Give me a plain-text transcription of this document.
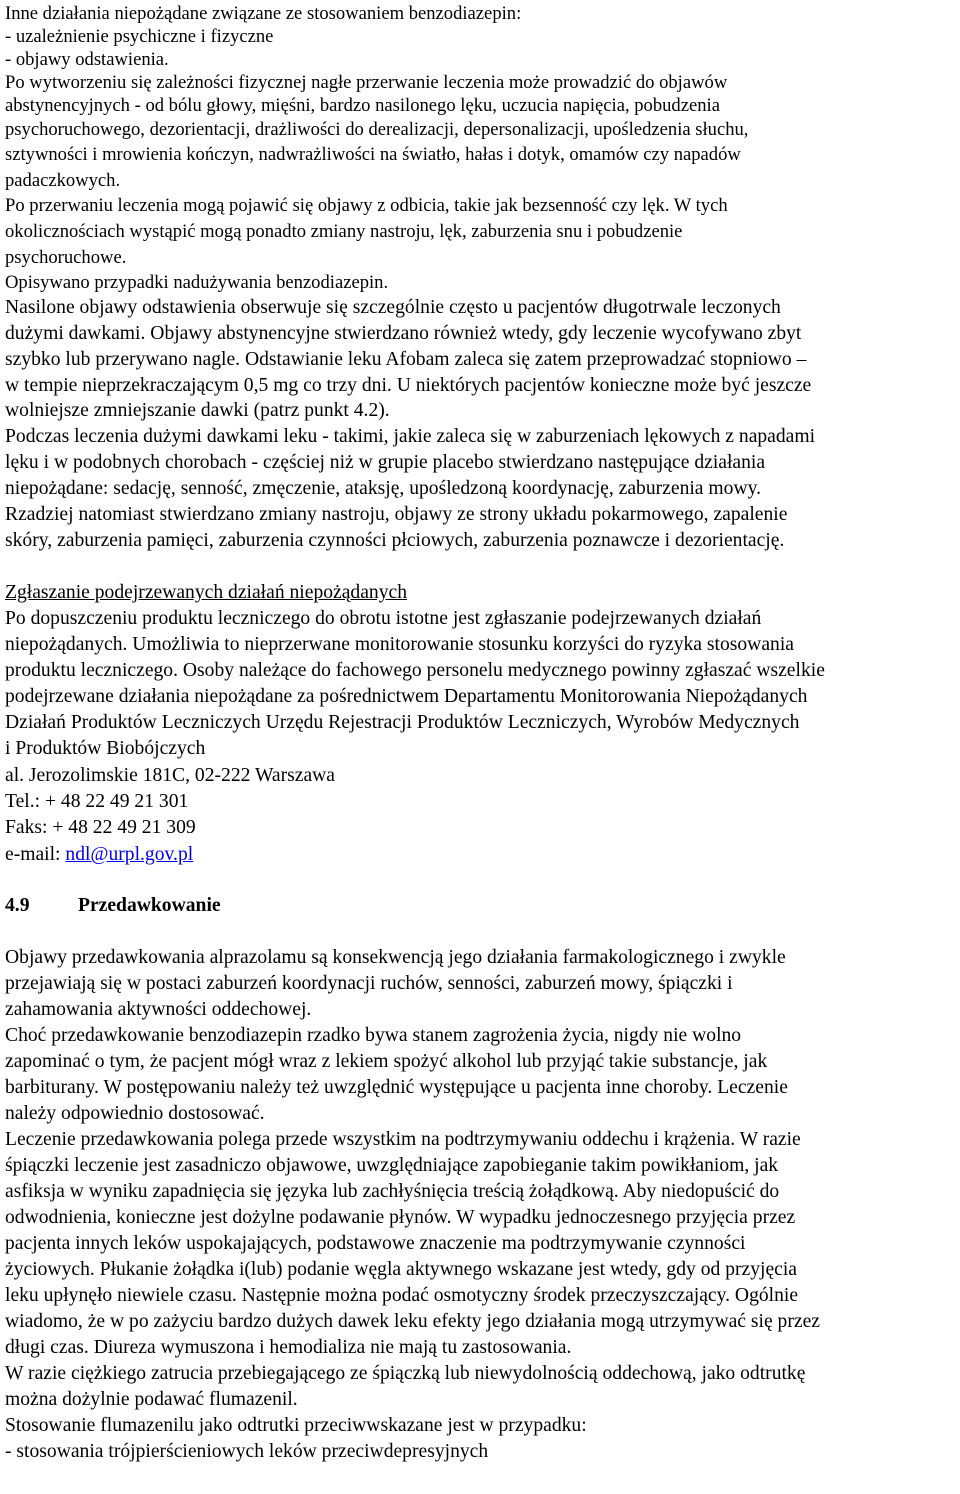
Inne działania niepożądane związane ze stosowaniem benzodiazepin:
- uzależnienie psychiczne i fizyczne
- objawy odstawienia.
Po wytworzeniu się zależności fizycznej nagłe przerwanie leczenia może prowadzić do objawów
abstynencyjnych - od bólu głowy, mięśni, bardzo nasilonego lęku, uczucia napięcia, pobudzenia
psychoruchowego, dezorientacji, drażliwości do derealizacji, depersonalizacji, upośledzenia słuchu,
sztywności i mrowienia kończyn, nadwrażliwości na światło, hałas i dotyk, omamów czy napadów
padaczkowych.
Po przerwaniu leczenia mogą pojawić się objawy z odbicia, takie jak bezsenność czy lęk. W tych
okolicznościach wystąpić mogą ponadto zmiany nastroju, lęk, zaburzenia snu i pobudzenie
psychoruchowe.
Opisywano przypadki nadużywania benzodiazepin.
Nasilone objawy odstawienia obserwuje się szczególnie często u pacjentów długotrwale leczonych
dużymi dawkami. Objawy abstynencyjne stwierdzano również wtedy, gdy leczenie wycofywano zbyt
szybko lub przerywano nagle. Odstawianie leku Afobam zaleca się zatem przeprowadzać stopniowo –
w tempie nieprzekraczającym 0,5 mg co trzy dni. U niektórych pacjentów konieczne może być jeszcze
wolniejsze zmniejszanie dawki (patrz punkt 4.2).
Podczas leczenia dużymi dawkami leku - takimi, jakie zaleca się w zaburzeniach lękowych z napadami
lęku i w podobnych chorobach - częściej niż w grupie placebo stwierdzano następujące działania
niepożądane: sedację, senność, zmęczenie, ataksję, upośledzoną koordynację, zaburzenia mowy.
Rzadziej natomiast stwierdzano zmiany nastroju, objawy ze strony układu pokarmowego, zapalenie
skóry, zaburzenia pamięci, zaburzenia czynności płciowych, zaburzenia poznawcze i dezorientację.
Zgłaszanie podejrzewanych działań niepożądanych
Po dopuszczeniu produktu leczniczego do obrotu istotne jest zgłaszanie podejrzewanych działań
niepożądanych. Umożliwia to nieprzerwane monitorowanie stosunku korzyści do ryzyka stosowania
produktu leczniczego. Osoby należące do fachowego personelu medycznego powinny zgłaszać wszelkie
podejrzewane działania niepożądane za pośrednictwem Departamentu Monitorowania Niepożądanych
Działań Produktów Leczniczych Urzędu Rejestracji Produktów Leczniczych, Wyrobów Medycznych
i Produktów Biobójczych
al. Jerozolimskie 181C, 02-222 Warszawa
Tel.: + 48 22 49 21 301
Faks: + 48 22 49 21 309
e-mail: ndl@urpl.gov.pl
4.9 Przedawkowanie
Objawy przedawkowania alprazolamu są konsekwencją jego działania farmakologicznego i zwykle
przejawiają się w postaci zaburzeń koordynacji ruchów, senności, zaburzeń mowy, śpiączki i
zahamowania aktywności oddechowej.
Choć przedawkowanie benzodiazepin rzadko bywa stanem zagrożenia życia, nigdy nie wolno
zapominać o tym, że pacjent mógł wraz z lekiem spożyć alkohol lub przyjąć takie substancje, jak
barbiturany. W postępowaniu należy też uwzględnić występujące u pacjenta inne choroby. Leczenie
należy odpowiednio dostosować.
Leczenie przedawkowania polega przede wszystkim na podtrzymywaniu oddechu i krążenia. W razie
śpiączki leczenie jest zasadniczo objawowe, uwzględniające zapobieganie takim powikłaniom, jak
asfiksja w wyniku zapadnięcia się języka lub zachłyśnięcia treścią żołądkową. Aby niedopuścić do
odwodnienia, konieczne jest dożylne podawanie płynów. W wypadku jednoczesnego przyjęcia przez
pacjenta innych leków uspokajających, podstawowe znaczenie ma podtrzymywanie czynności
życiowych. Płukanie żołądka i(lub) podanie węgla aktywnego wskazane jest wtedy, gdy od przyjęcia
leku upłynęło niewiele czasu. Następnie można podać osmotyczny środek przeczyszczający. Ogólnie
wiadomo, że w po zażyciu bardzo dużych dawek leku efekty jego działania mogą utrzymywać się przez
długi czas. Diureza wymuszona i hemodializa nie mają tu zastosowania.
W razie ciężkiego zatrucia przebiegającego ze śpiączką lub niewydolnością oddechową, jako odtrutkę
można dożylnie podawać flumazenil.
Stosowanie flumazenilu jako odtrutki przeciwwskazane jest w przypadku:
- stosowania trójpierścieniowych leków przeciwdepresyjnych
